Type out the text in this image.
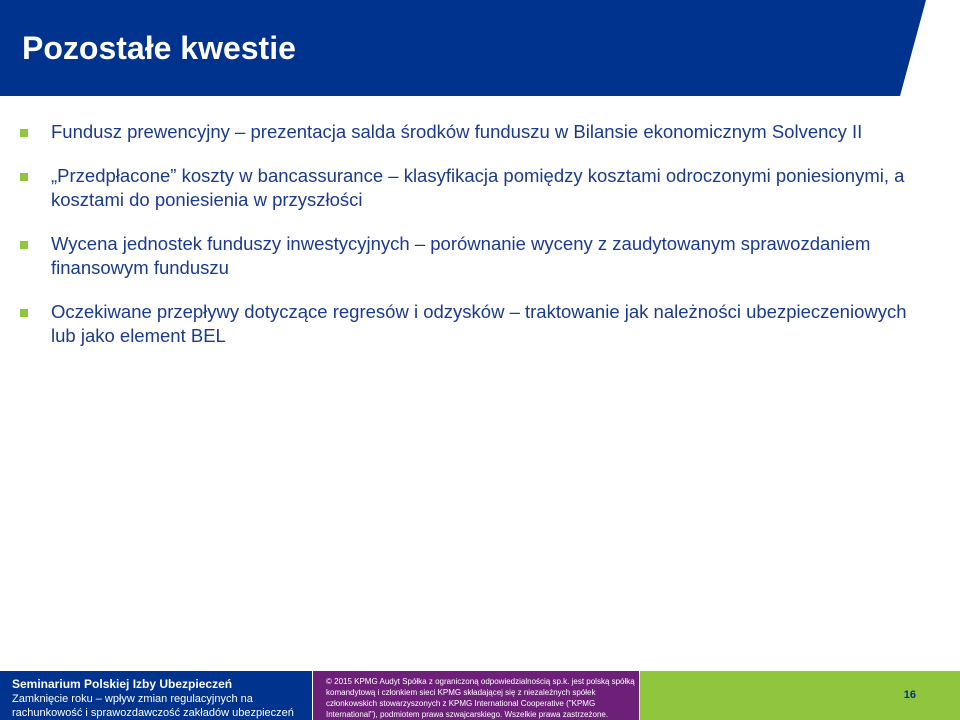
Pozostałe kwestie
Fundusz prewencyjny – prezentacja salda środków funduszu w Bilansie ekonomicznym Solvency II
„Przedpłacone” koszty w bancassurance – klasyfikacja pomiędzy kosztami odroczonymi poniesionymi, a kosztami do poniesienia w przyszłości
Wycena jednostek funduszy inwestycyjnych – porównanie wyceny z zaudytowanym sprawozdaniem finansowym funduszu
Oczekiwane przepływy dotyczące regresów i odzysków – traktowanie jak należności ubezpieczeniowych lub jako element BEL
Seminarium Polskiej Izby Ubezpieczeń
Zamknięcie roku – wpływ zmian regulacyjnych na rachunkowość i sprawozdawczość zakładów ubezpieczeń
© 2015 KPMG Audyt Spółka z ograniczoną odpowiedzialnością sp.k. jest polską spółką komandytową i członkiem sieci KPMG składającej się z niezależnych spółek członkowskich stowarzyszonych z KPMG International Cooperative ("KPMG International"), podmiotem prawa szwajcarskiego. Wszelkie prawa zastrzeżone.
16
